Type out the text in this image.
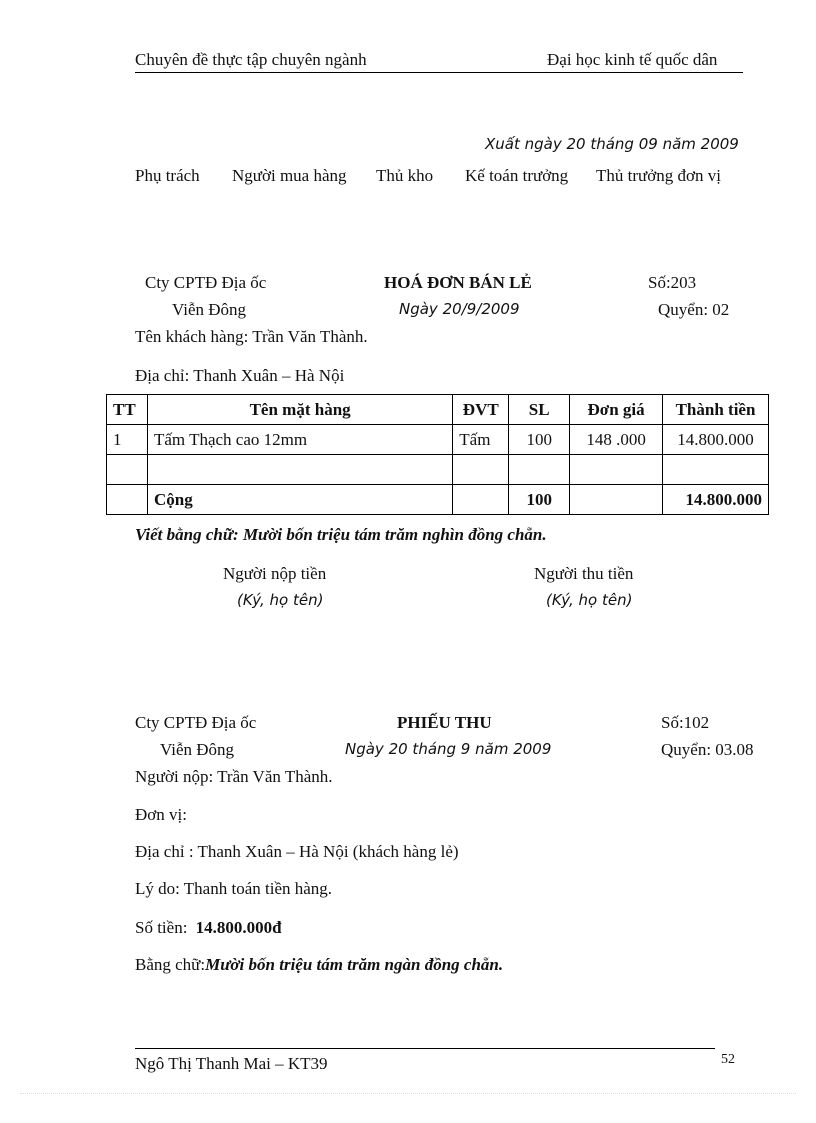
Chuyên đề thực tập chuyên ngành	Đại học kinh tế quốc dân
Xuất ngày 20 tháng 09 năm 2009
Phụ trách Người mua hàng Thủ kho Kế toán trưởng Thủ trưởng đơn vị
Cty CPTĐ Địa ốc
Viễn Đông
HOÁ ĐƠN BÁN LẺ
Ngày 20/9/2009
Số:203
Quyển: 02
Tên khách hàng: Trần Văn Thành.
Địa chỉ: Thanh Xuân – Hà Nội
TT	Tên mặt hàng	ĐVT	SL	Đơn giá	Thành tiền
1	Tấm Thạch cao 12mm	Tấm	100	148 .000	14.800.000

	Cộng		100		14.800.000
Viết bằng chữ: Mười bốn triệu tám trăm nghìn đồng chẵn.
Người nộp tiền
(Ký, họ tên)
Người thu tiền
(Ký, họ tên)
Cty CPTĐ Địa ốc
Viễn Đông
PHIẾU THU
Ngày 20 tháng 9 năm 2009
Số:102
Quyển: 03.08
Người nộp: Trần Văn Thành.
Đơn vị:
Địa chỉ : Thanh Xuân – Hà Nội (khách hàng lẻ)
Lý do: Thanh toán tiền hàng.
Số tiền: 14.800.000đ
Bằng chữ:Mười bốn triệu tám trăm ngàn đồng chẵn.
Ngô Thị Thanh Mai – KT39	52
